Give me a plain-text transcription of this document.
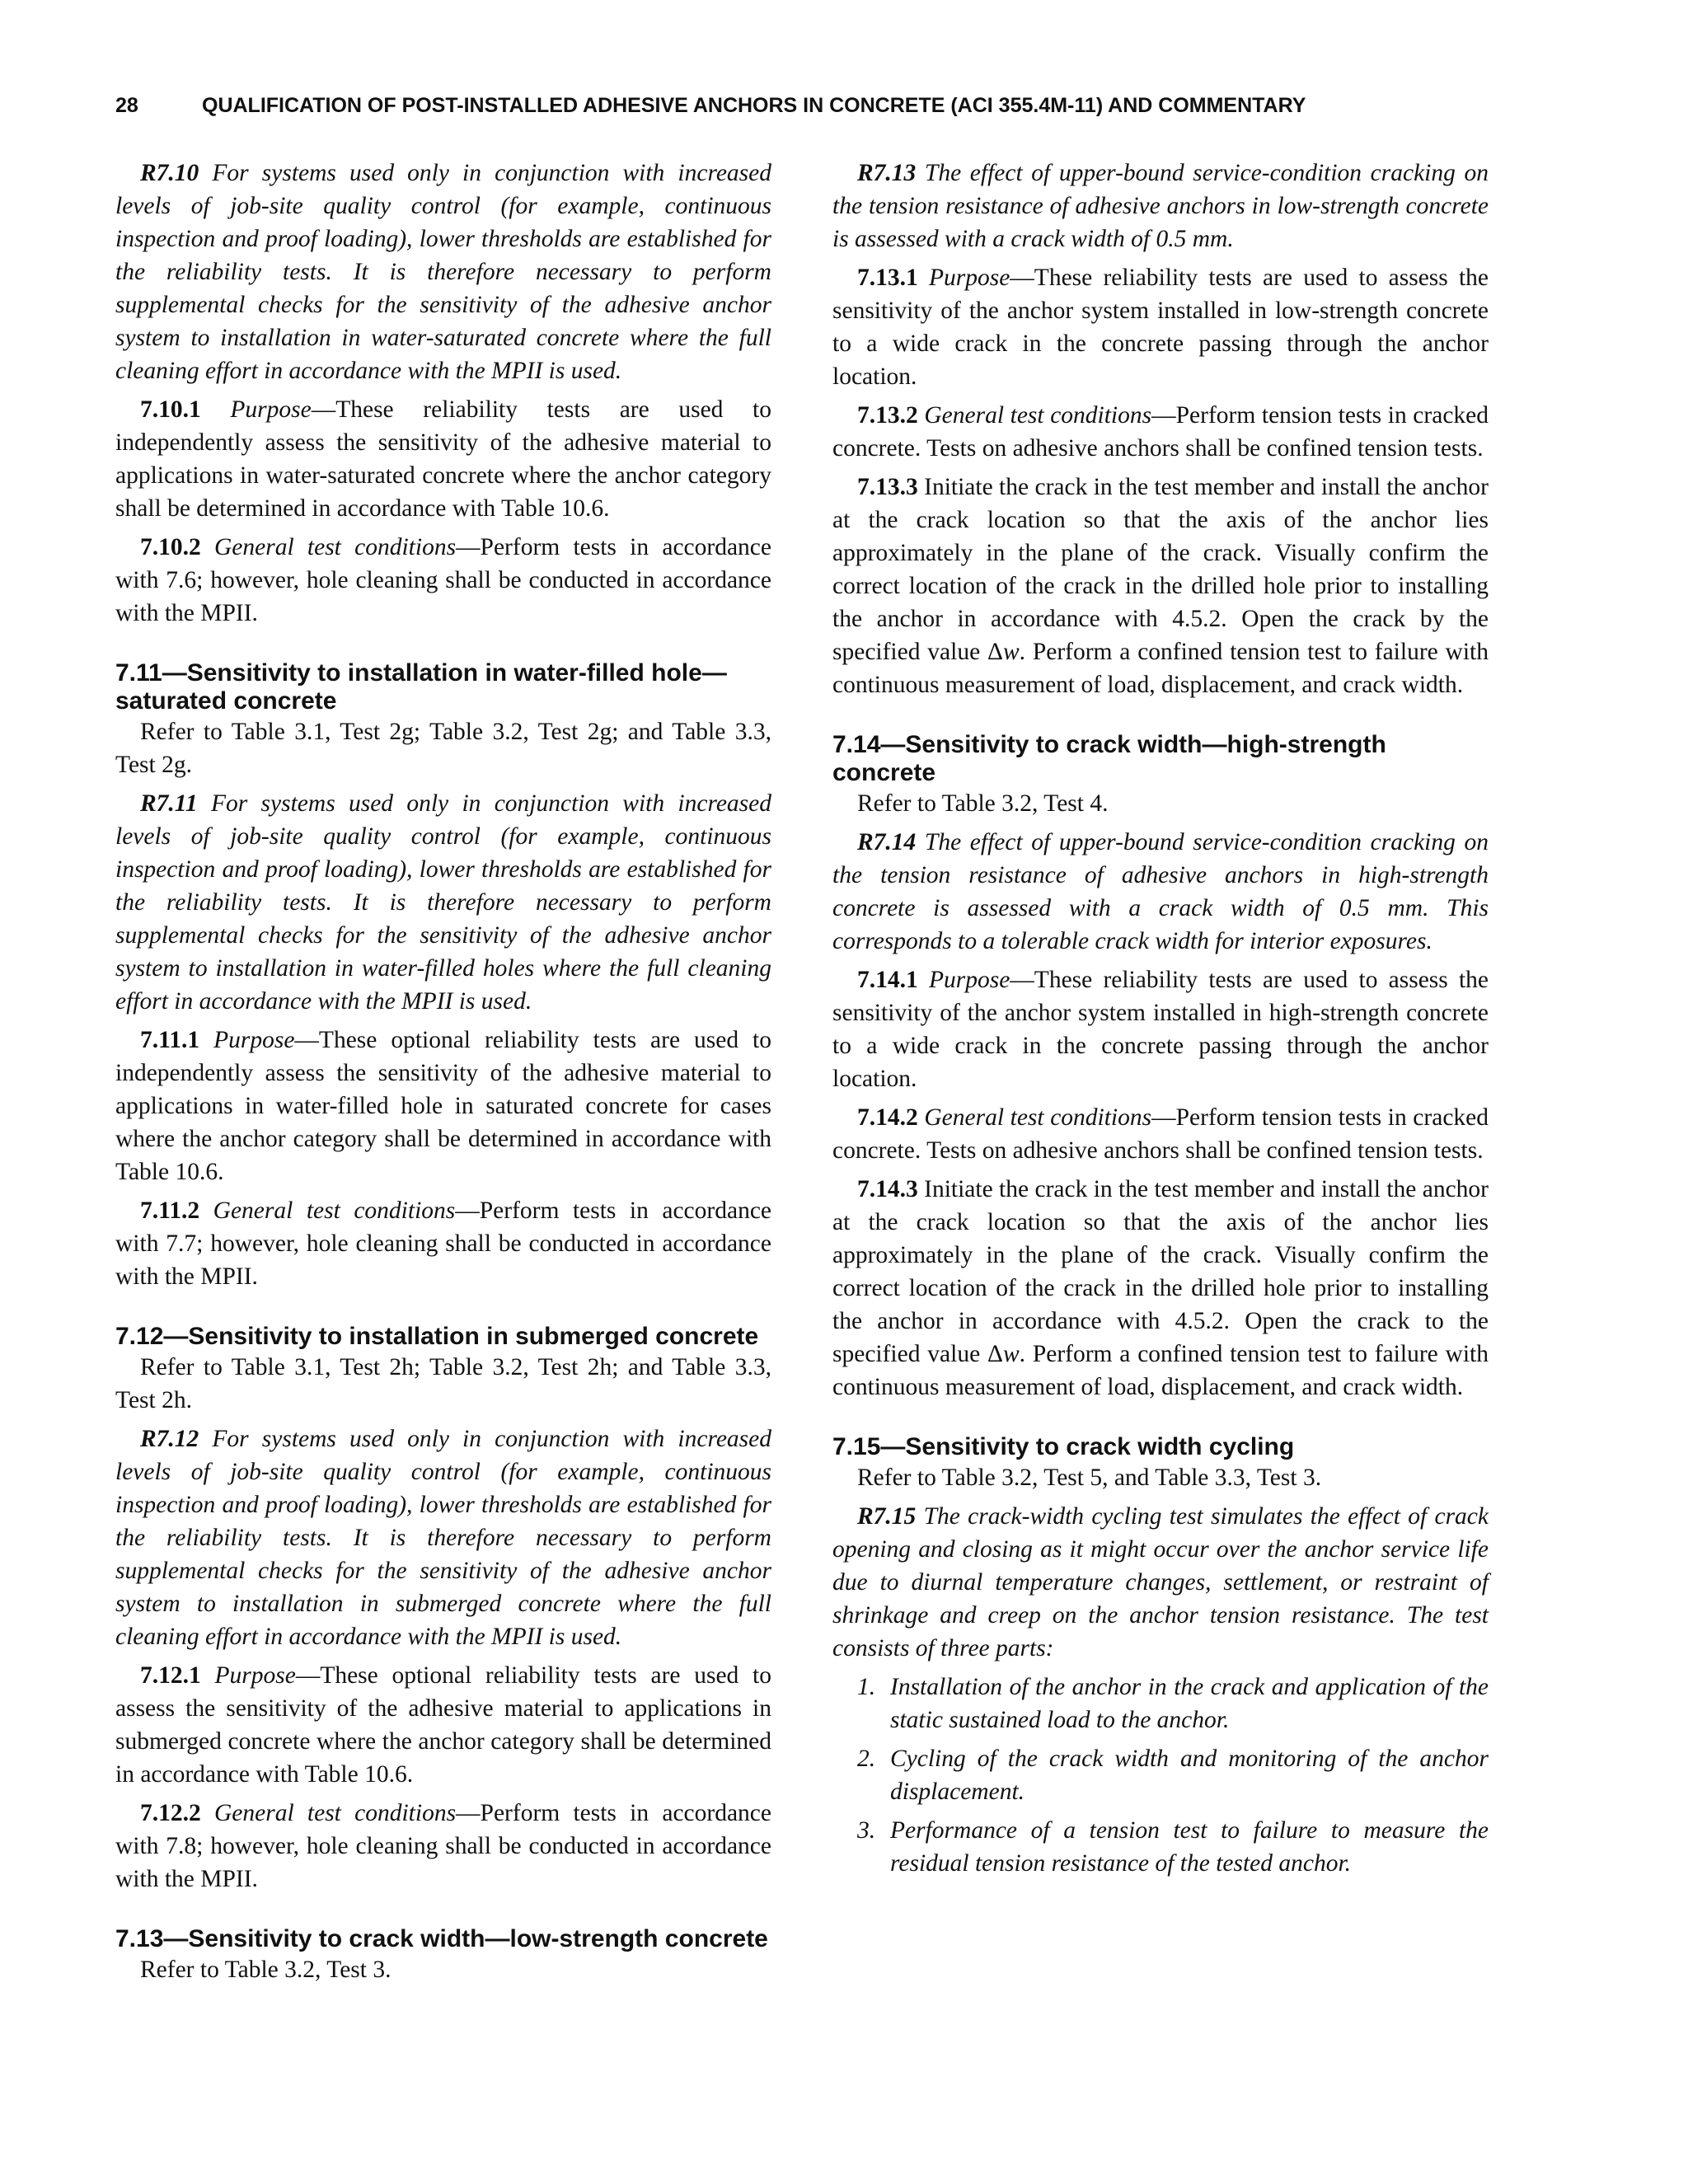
28	QUALIFICATION OF POST-INSTALLED ADHESIVE ANCHORS IN CONCRETE (ACI 355.4M-11) AND COMMENTARY

R7.10 For systems used only in conjunction with increased levels of job-site quality control (for example, continuous inspection and proof loading), lower thresholds are established for the reliability tests. It is therefore necessary to perform supplemental checks for the sensitivity of the adhesive anchor system to installation in water-saturated concrete where the full cleaning effort in accordance with the MPII is used.

7.10.1 Purpose—These reliability tests are used to independently assess the sensitivity of the adhesive material to applications in water-saturated concrete where the anchor category shall be determined in accordance with Table 10.6.

7.10.2 General test conditions—Perform tests in accordance with 7.6; however, hole cleaning shall be conducted in accordance with the MPII.

7.11—Sensitivity to installation in water-filled hole—saturated concrete

Refer to Table 3.1, Test 2g; Table 3.2, Test 2g; and Table 3.3, Test 2g.

R7.11 For systems used only in conjunction with increased levels of job-site quality control (for example, continuous inspection and proof loading), lower thresholds are established for the reliability tests. It is therefore necessary to perform supplemental checks for the sensitivity of the adhesive anchor system to installation in water-filled holes where the full cleaning effort in accordance with the MPII is used.

7.11.1 Purpose—These optional reliability tests are used to independently assess the sensitivity of the adhesive material to applications in water-filled hole in saturated concrete for cases where the anchor category shall be determined in accordance with Table 10.6.

7.11.2 General test conditions—Perform tests in accordance with 7.7; however, hole cleaning shall be conducted in accordance with the MPII.

7.12—Sensitivity to installation in submerged concrete

Refer to Table 3.1, Test 2h; Table 3.2, Test 2h; and Table 3.3, Test 2h.

R7.12 For systems used only in conjunction with increased levels of job-site quality control (for example, continuous inspection and proof loading), lower thresholds are established for the reliability tests. It is therefore necessary to perform supplemental checks for the sensitivity of the adhesive anchor system to installation in submerged concrete where the full cleaning effort in accordance with the MPII is used.

7.12.1 Purpose—These optional reliability tests are used to assess the sensitivity of the adhesive material to applications in submerged concrete where the anchor category shall be determined in accordance with Table 10.6.

7.12.2 General test conditions—Perform tests in accordance with 7.8; however, hole cleaning shall be conducted in accordance with the MPII.

7.13—Sensitivity to crack width—low-strength concrete

Refer to Table 3.2, Test 3.

R7.13 The effect of upper-bound service-condition cracking on the tension resistance of adhesive anchors in low-strength concrete is assessed with a crack width of 0.5 mm.

7.13.1 Purpose—These reliability tests are used to assess the sensitivity of the anchor system installed in low-strength concrete to a wide crack in the concrete passing through the anchor location.

7.13.2 General test conditions—Perform tension tests in cracked concrete. Tests on adhesive anchors shall be confined tension tests.

7.13.3 Initiate the crack in the test member and install the anchor at the crack location so that the axis of the anchor lies approximately in the plane of the crack. Visually confirm the correct location of the crack in the drilled hole prior to installing the anchor in accordance with 4.5.2. Open the crack by the specified value Δw. Perform a confined tension test to failure with continuous measurement of load, displacement, and crack width.

7.14—Sensitivity to crack width—high-strength concrete

Refer to Table 3.2, Test 4.

R7.14 The effect of upper-bound service-condition cracking on the tension resistance of adhesive anchors in high-strength concrete is assessed with a crack width of 0.5 mm. This corresponds to a tolerable crack width for interior exposures.

7.14.1 Purpose—These reliability tests are used to assess the sensitivity of the anchor system installed in high-strength concrete to a wide crack in the concrete passing through the anchor location.

7.14.2 General test conditions—Perform tension tests in cracked concrete. Tests on adhesive anchors shall be confined tension tests.

7.14.3 Initiate the crack in the test member and install the anchor at the crack location so that the axis of the anchor lies approximately in the plane of the crack. Visually confirm the correct location of the crack in the drilled hole prior to installing the anchor in accordance with 4.5.2. Open the crack to the specified value Δw. Perform a confined tension test to failure with continuous measurement of load, displacement, and crack width.

7.15—Sensitivity to crack width cycling

Refer to Table 3.2, Test 5, and Table 3.3, Test 3.

R7.15 The crack-width cycling test simulates the effect of crack opening and closing as it might occur over the anchor service life due to diurnal temperature changes, settlement, or restraint of shrinkage and creep on the anchor tension resistance. The test consists of three parts:

1. Installation of the anchor in the crack and application of the static sustained load to the anchor.
2. Cycling of the crack width and monitoring of the anchor displacement.
3. Performance of a tension test to failure to measure the residual tension resistance of the tested anchor.
